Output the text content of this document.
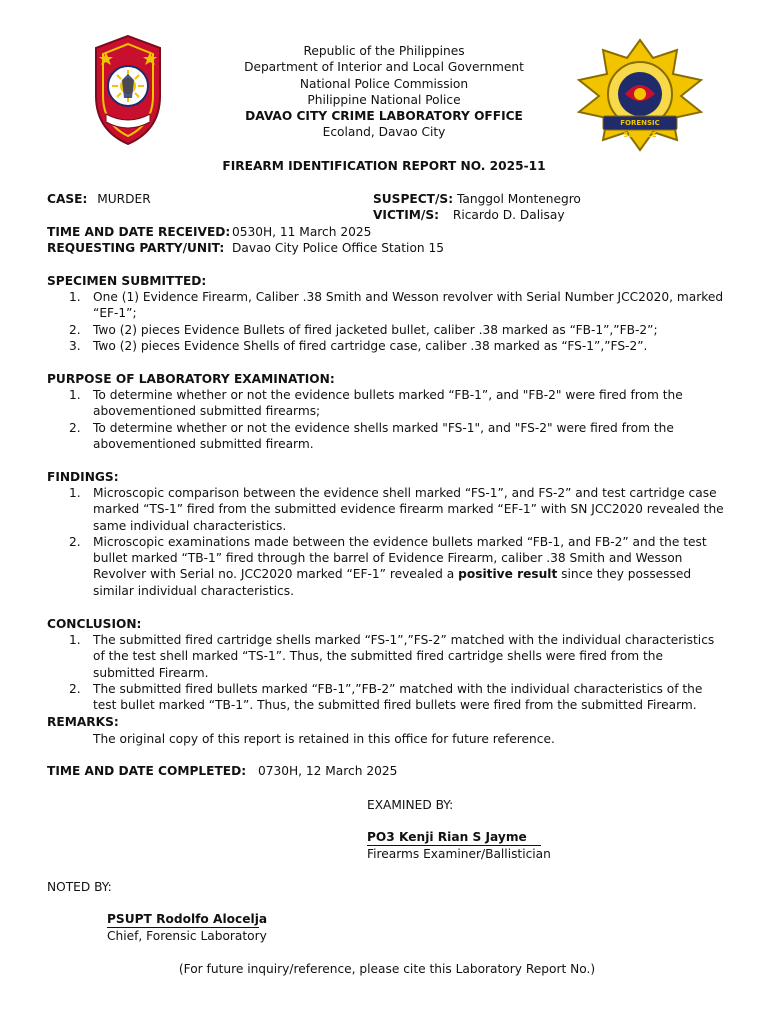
FORENSIC SERVICE
Republic of the Philippines
Department of Interior and Local Government
National Police Commission
Philippine National Police
DAVAO CITY CRIME LABORATORY OFFICE
Ecoland, Davao City
FIREARM IDENTIFICATION REPORT NO. 2025-11
CASE: MURDER	SUSPECT/S: Tanggol Montenegro
VICTIM/S: Ricardo D. Dalisay
TIME AND DATE RECEIVED: 0530H, 11 March 2025
REQUESTING PARTY/UNIT: Davao City Police Office Station 15
SPECIMEN SUBMITTED:
1. One (1) Evidence Firearm, Caliber .38 Smith and Wesson revolver with Serial Number JCC2020, marked “EF-1”;
2. Two (2) pieces Evidence Bullets of fired jacketed bullet, caliber .38 marked as “FB-1”,”FB-2”;
3. Two (2) pieces Evidence Shells of fired cartridge case, caliber .38 marked as “FS-1”,”FS-2”.
PURPOSE OF LABORATORY EXAMINATION:
1. To determine whether or not the evidence bullets marked “FB-1”, and "FB-2" were fired from the abovementioned submitted firearms;
2. To determine whether or not the evidence shells marked "FS-1", and "FS-2" were fired from the abovementioned submitted firearm.
FINDINGS:
1. Microscopic comparison between the evidence shell marked “FS-1”, and FS-2” and test cartridge case marked “TS-1” fired from the submitted evidence firearm marked “EF-1” with SN JCC2020 revealed the same individual characteristics.
2. Microscopic examinations made between the evidence bullets marked “FB-1, and FB-2” and the test bullet marked “TB-1” fired through the barrel of Evidence Firearm, caliber .38 Smith and Wesson Revolver with Serial no. JCC2020 marked “EF-1” revealed a positive result since they possessed similar individual characteristics.
CONCLUSION:
1. The submitted fired cartridge shells marked “FS-1”,”FS-2” matched with the individual characteristics of the test shell marked “TS-1”. Thus, the submitted fired cartridge shells were fired from the submitted Firearm.
2. The submitted fired bullets marked “FB-1”,”FB-2” matched with the individual characteristics of the test bullet marked “TB-1”. Thus, the submitted fired bullets were fired from the submitted Firearm.
REMARKS:
The original copy of this report is retained in this office for future reference.
TIME AND DATE COMPLETED: 0730H, 12 March 2025
EXAMINED BY:
PO3 Kenji Rian S Jayme
Firearms Examiner/Ballistician
NOTED BY:
PSUPT Rodolfo Alocelja
Chief, Forensic Laboratory
(For future inquiry/reference, please cite this Laboratory Report No.)
